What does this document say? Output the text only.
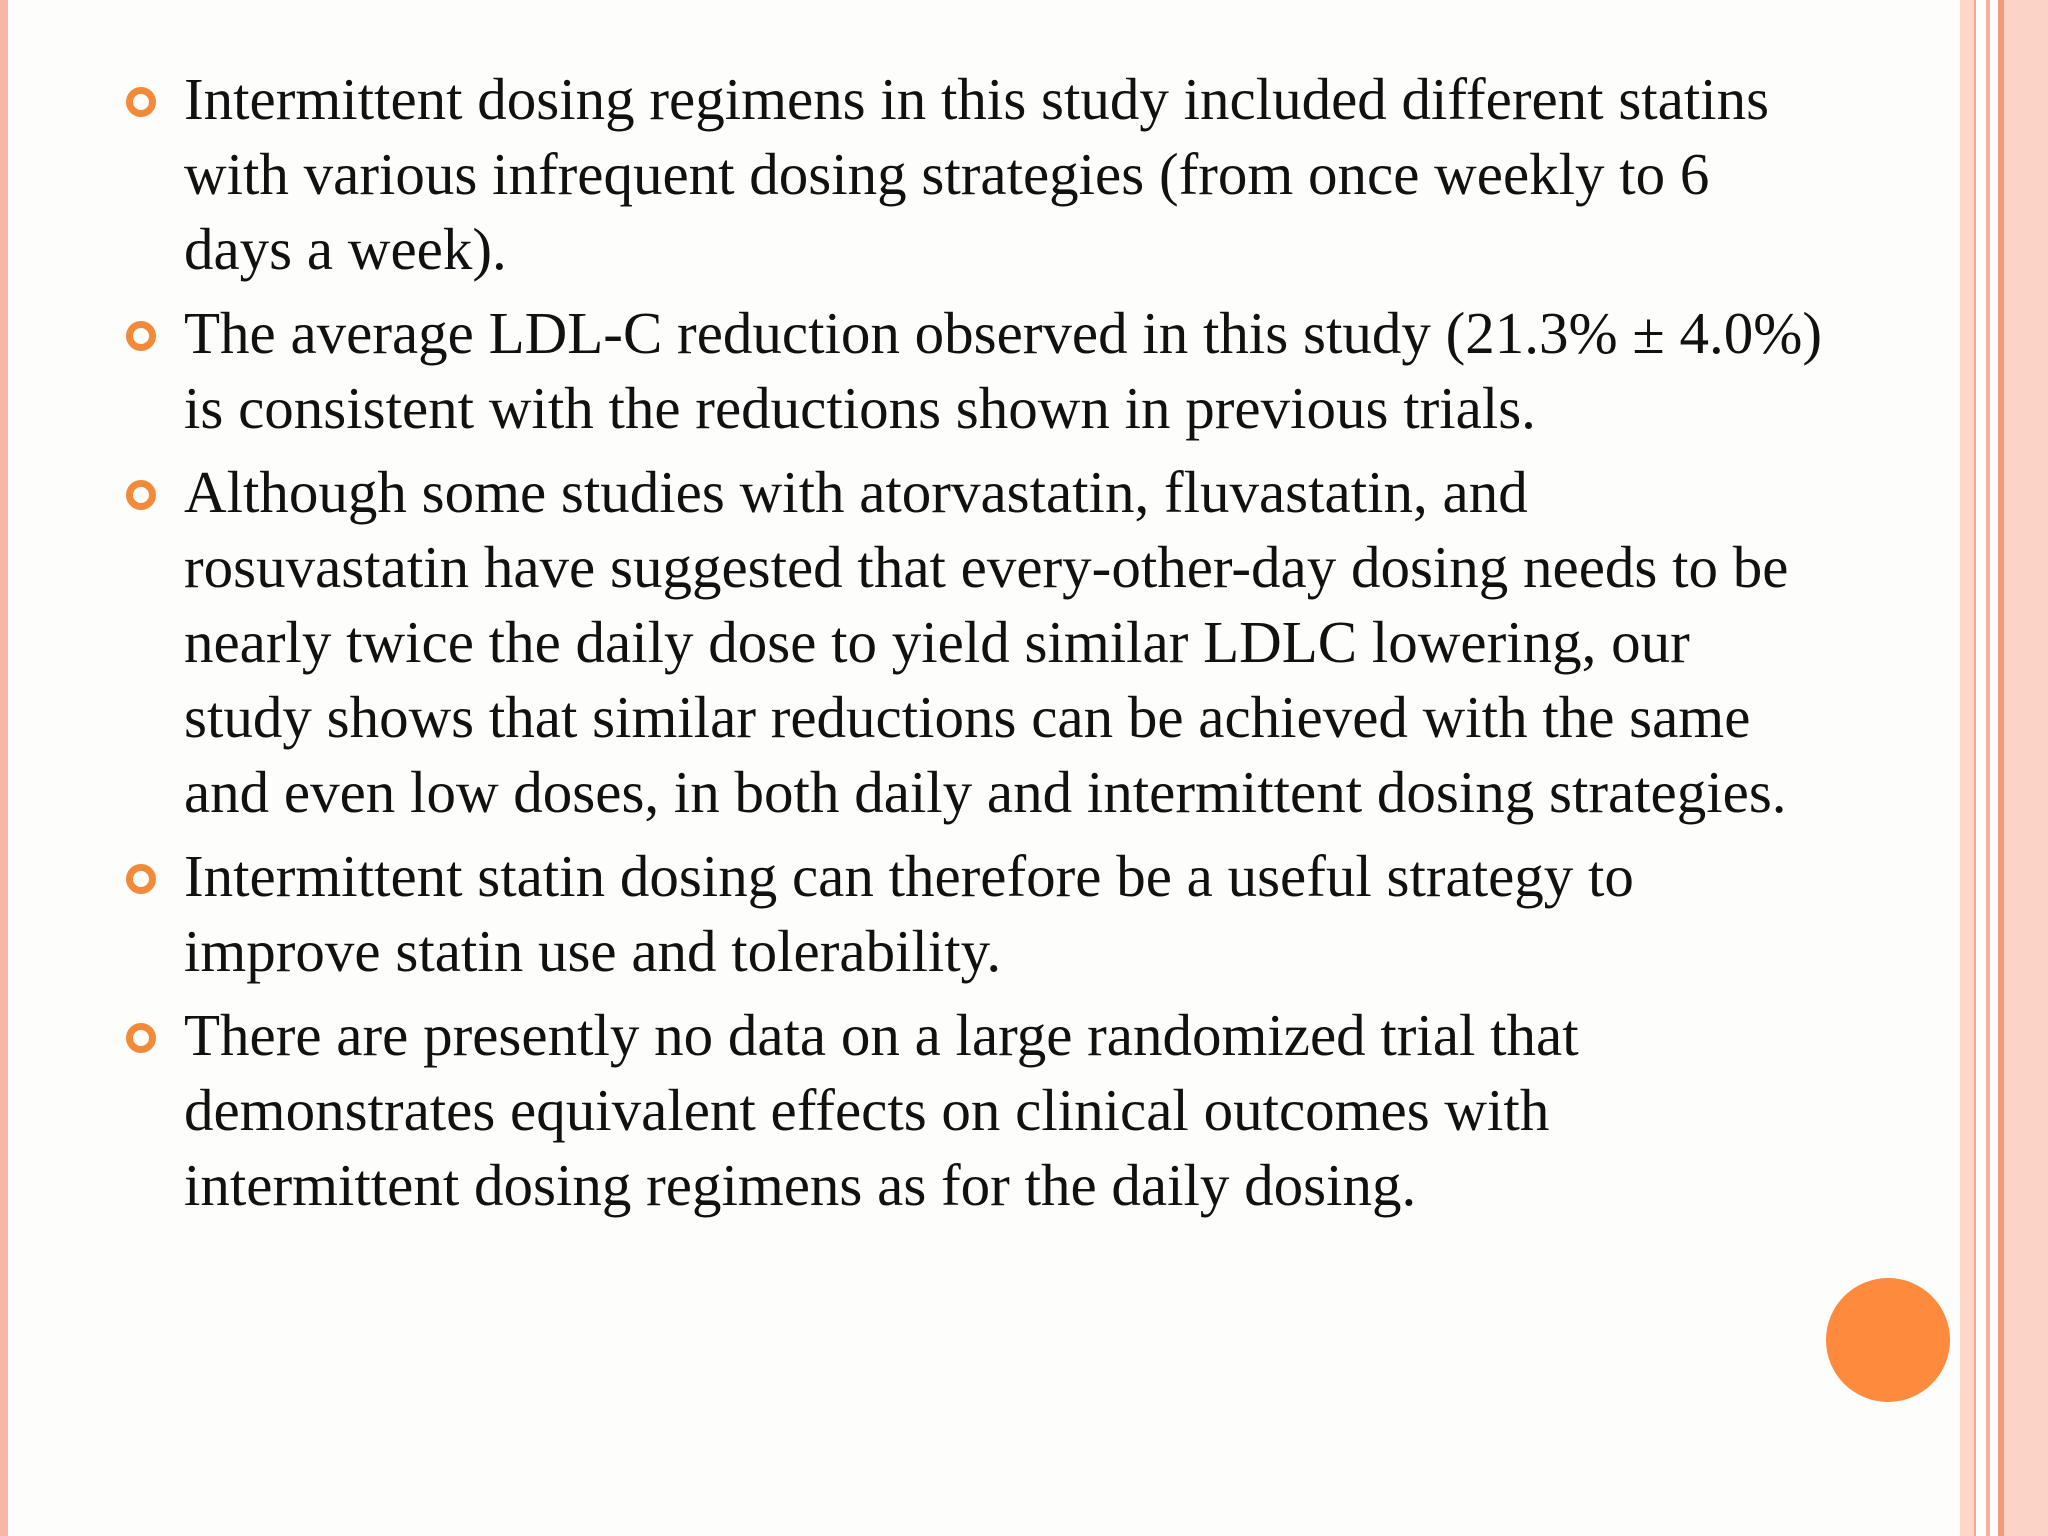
Intermittent dosing regimens in this study included different statins with various infrequent dosing strategies (from once weekly to 6 days a week).
The average LDL-C reduction observed in this study (21.3% ± 4.0%) is consistent with the reductions shown in previous trials.
Although some studies with atorvastatin, fluvastatin, and rosuvastatin have suggested that every-other-day dosing needs to be nearly twice the daily dose to yield similar LDLC lowering, our study shows that similar reductions can be achieved with the same and even low doses, in both daily and intermittent dosing strategies.
Intermittent statin dosing can therefore be a useful strategy to improve statin use and tolerability.
There are presently no data on a large randomized trial that demonstrates equivalent effects on clinical outcomes with intermittent dosing regimens as for the daily dosing.
